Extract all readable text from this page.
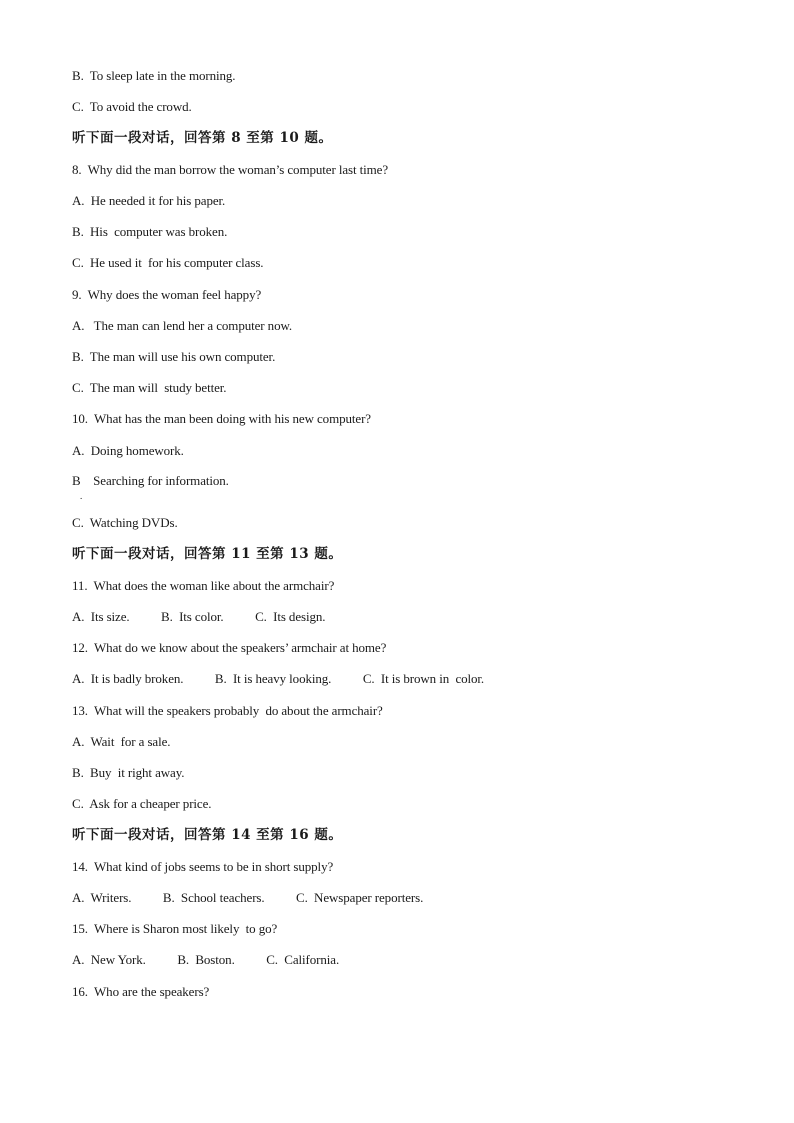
B.  To sleep late in the morning.
C.  To avoid the crowd.
听下面一段对话，回答第 8 至第 10 题。
8.  Why did the man borrow the woman’s computer last time?
A.  He needed it for his paper.
B.  His  computer was broken.
C.  He used it  for his computer class.
9.  Why does the woman feel happy?
A.   The man can lend her a computer now.
B.  The man will use his own computer.
C.  The man will  study better.
10.  What has the man been doing with his new computer?
A.  Doing homework.
B    Searching for information.
.
C.  Watching DVDs.
听下面一段对话，回答第 11 至第 13 题。
11.  What does the woman like about the armchair?
A.  Its size.          B.  Its color.          C.  Its design.
12.  What do we know about the speakers’ armchair at home?
A.  It is badly broken.          B.  It is heavy looking.          C.  It is brown in  color.
13.  What will the speakers probably  do about the armchair?
A.  Wait  for a sale.
B.  Buy  it right away.
C.  Ask for a cheaper price.
听下面一段对话，回答第 14 至第 16 题。
14.  What kind of jobs seems to be in short supply?
A.  Writers.          B.  School teachers.          C.  Newspaper reporters.
15.  Where is Sharon most likely  to go?
A.  New York.          B.  Boston.          C.  California.
16.  Who are the speakers?
